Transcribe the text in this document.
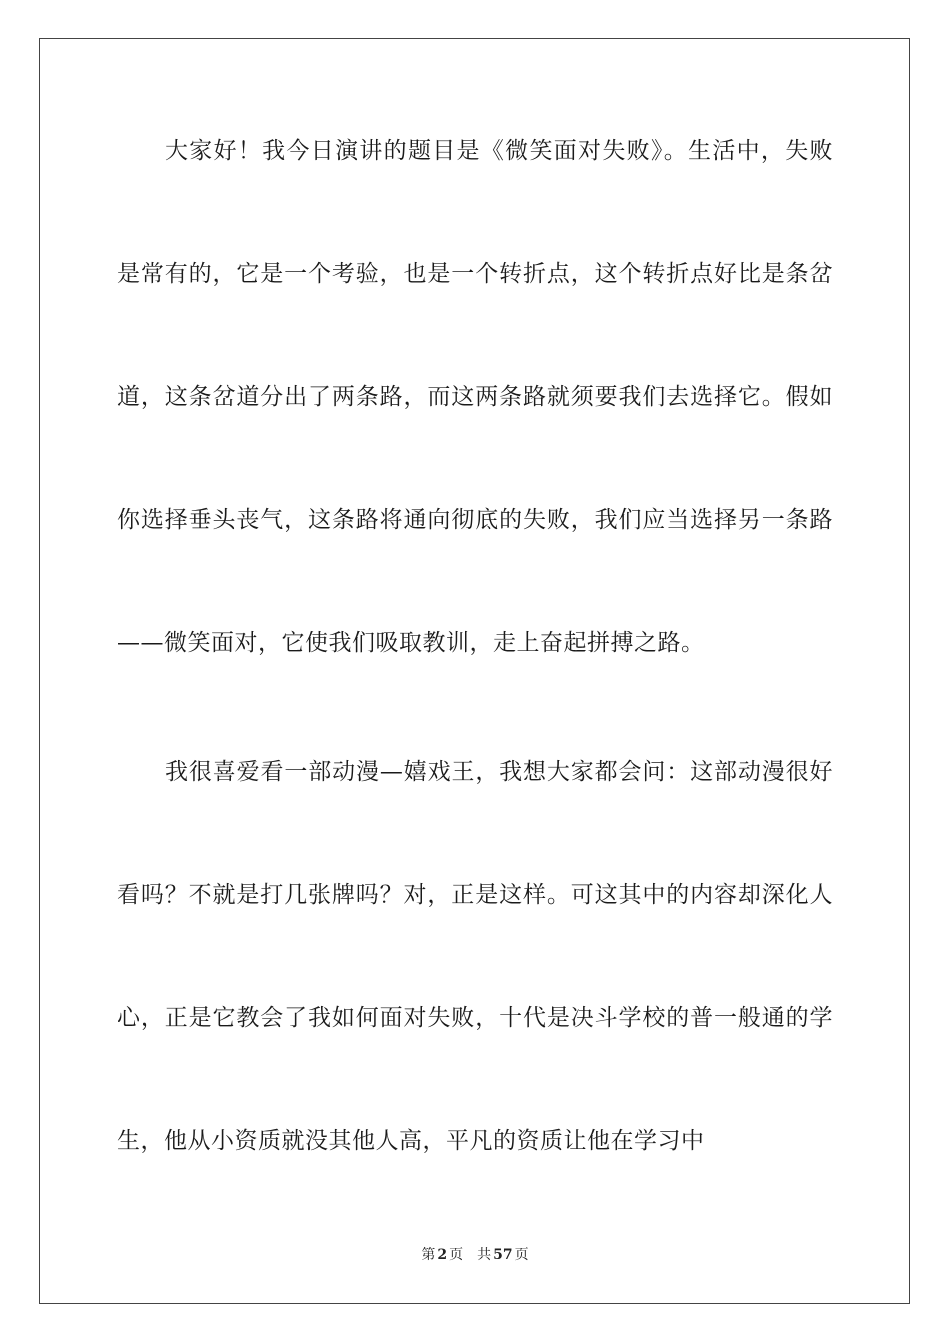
大家好！我今日演讲的题目是《微笑面对失败》。生活中，失败
是常有的，它是一个考验，也是一个转折点，这个转折点好比是条岔
道，这条岔道分出了两条路，而这两条路就须要我们去选择它。假如
你选择垂头丧气，这条路将通向彻底的失败，我们应当选择另一条路
——微笑面对，它使我们吸取教训，走上奋起拼搏之路。
我很喜爱看一部动漫—嬉戏王，我想大家都会问：这部动漫很好
看吗？不就是打几张牌吗？对，正是这样。可这其中的内容却深化人
心，正是它教会了我如何面对失败，十代是决斗学校的普一般通的学
生，他从小资质就没其他人高，平凡的资质让他在学习中
第 2 页 共 57 页
